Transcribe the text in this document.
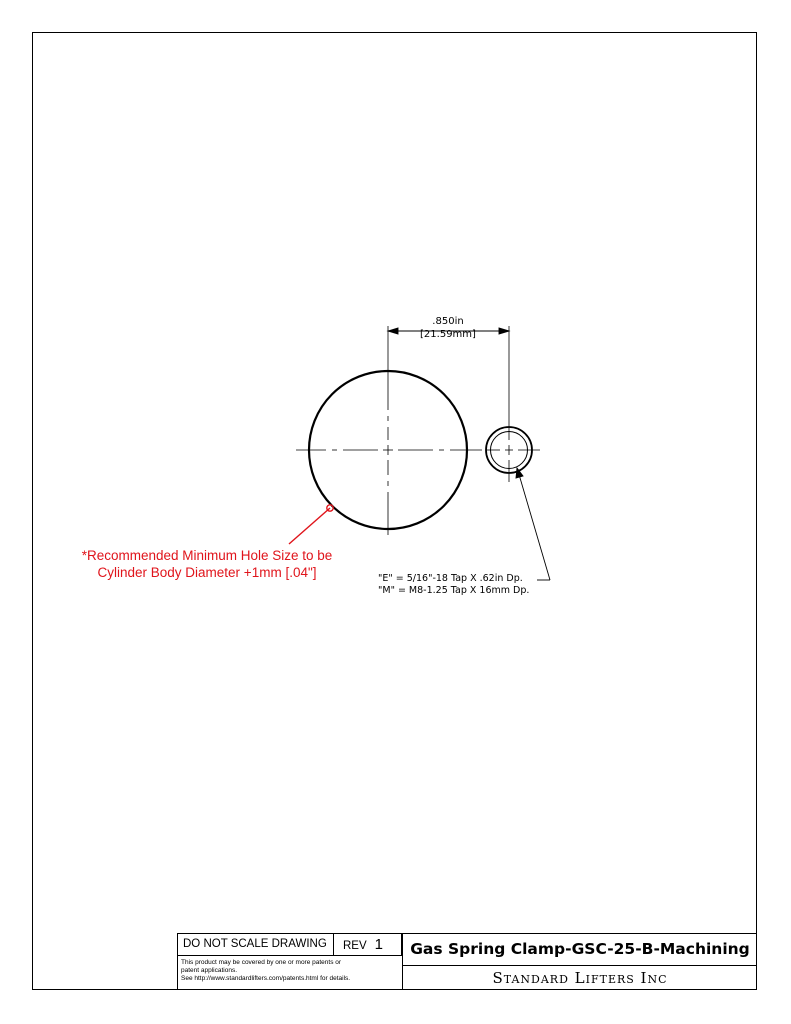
.850in
[21.59mm]
*Recommended Minimum Hole Size to be
Cylinder Body Diameter +1mm [.04"]	"E" = 5/16"-18 Tap X .62in Dp.
"M" = M8-1.25 Tap X 16mm Dp.
DO NOT SCALE DRAWING	REV 1
This product may be covered by one or more patents or
patent applications.
See http://www.standardlifters.com/patents.html for details.
Gas Spring Clamp-GSC-25-B-Machining
Standard Lifters Inc
